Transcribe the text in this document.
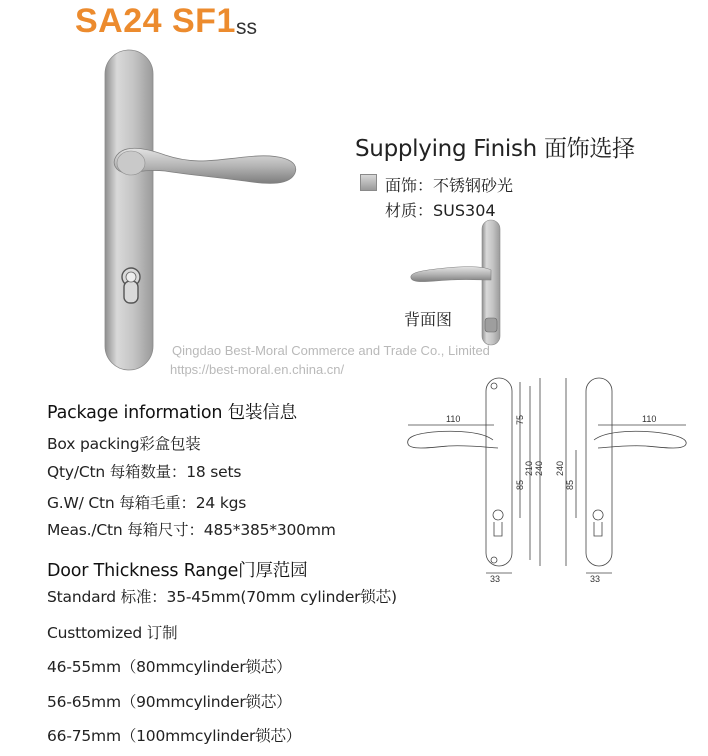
SA24 SF1 ss
Supplying Finish 面饰选择
面饰：不锈钢砂光
材质：SUS304
背面图
Qingdao Best-Moral Commerce and Trade Co., Limited
https://best-moral.en.china.cn/
Package information 包装信息
Box packing彩盒包装
Qty/Ctn 每箱数量：18 sets
G.W/ Ctn 每箱毛重：24 kgs
Meas./Ctn 每箱尺寸：485*385*300mm
Door Thickness Range门厚范园
Standard 标准：35-45mm(70mm cylinder锁芯)
Custtomized 订制
46-55mm（80mmcylinder锁芯）
56-65mm（90mmcylinder锁芯）
66-75mm（100mmcylinder锁芯）
110	75
85
210 240
33
240
85
110
33
